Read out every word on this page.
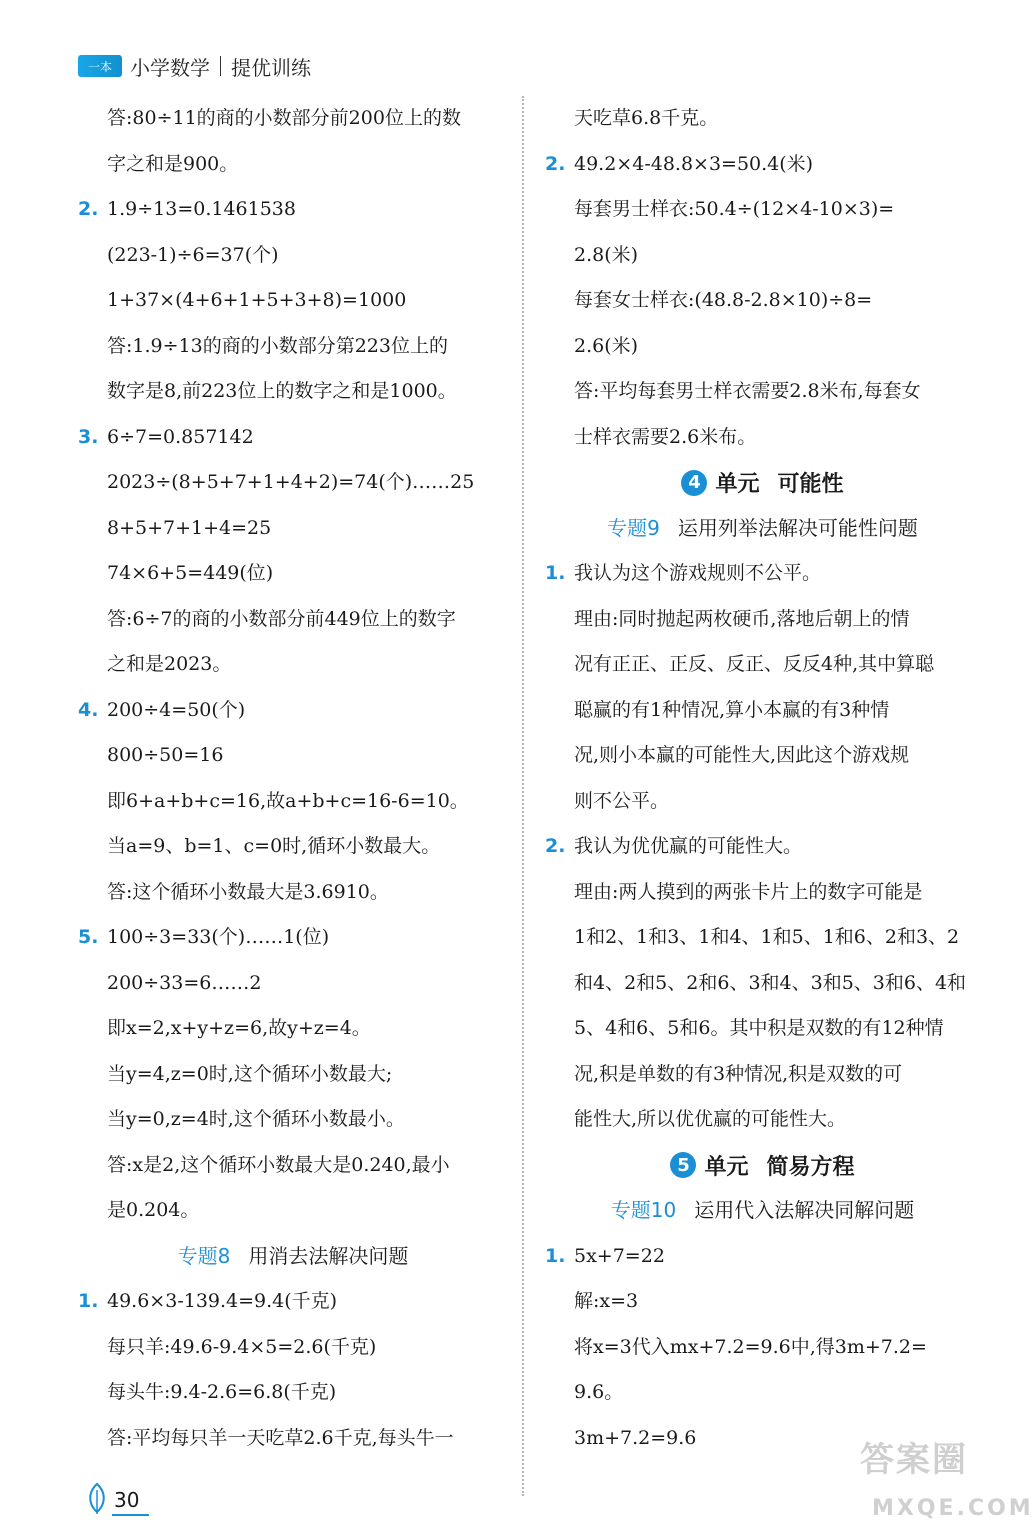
一本 小学数学 提优训练
答:80÷11的商的小数部分前200位上的数
字之和是900。
2. 1.9÷13=0.1461538
(223-1)÷6=37(个)
1+37×(4+6+1+5+3+8)=1000
答:1.9÷13的商的小数部分第223位上的
数字是8,前223位上的数字之和是1000。
3. 6÷7=0.857142
2023÷(8+5+7+1+4+2)=74(个)……25
8+5+7+1+4=25
74×6+5=449(位)
答:6÷7的商的小数部分前449位上的数字
之和是2023。
4. 200÷4=50(个)
800÷50=16
即6+a+b+c=16,故a+b+c=16-6=10。
当a=9、b=1、c=0时,循环小数最大。
答:这个循环小数最大是3.6910。
5. 100÷3=33(个)……1(位)
200÷33=6……2
即x=2,x+y+z=6,故y+z=4。
当y=4,z=0时,这个循环小数最大;
当y=0,z=4时,这个循环小数最小。
答:x是2,这个循环小数最大是0.240,最小
是0.204。
专题8 用消去法解决问题
1. 49.6×3-139.4=9.4(千克)
每只羊:49.6-9.4×5=2.6(千克)
每头牛:9.4-2.6=6.8(千克)
答:平均每只羊一天吃草2.6千克,每头牛一
天吃草6.8千克。
2. 49.2×4-48.8×3=50.4(米)
每套男士样衣:50.4÷(12×4-10×3)=
2.8(米)
每套女士样衣:(48.8-2.8×10)÷8=
2.6(米)
答:平均每套男士样衣需要2.8米布,每套女
士样衣需要2.6米布。
4 单元 可能性
专题9 运用列举法解决可能性问题
1. 我认为这个游戏规则不公平。
理由:同时抛起两枚硬币,落地后朝上的情
况有正正、正反、反正、反反4种,其中算聪
聪赢的有1种情况,算小本赢的有3种情
况,则小本赢的可能性大,因此这个游戏规
则不公平。
2. 我认为优优赢的可能性大。
理由:两人摸到的两张卡片上的数字可能是
1和2、1和3、1和4、1和5、1和6、2和3、2
和4、2和5、2和6、3和4、3和5、3和6、4和
5、4和6、5和6。其中积是双数的有12种情
况,积是单数的有3种情况,积是双数的可
能性大,所以优优赢的可能性大。
5 单元 简易方程
专题10 运用代入法解决同解问题
1. 5x+7=22
解:x=3
将x=3代入mx+7.2=9.6中,得3m+7.2=
9.6。
3m+7.2=9.6
30
答案圈
MXQE.COM
